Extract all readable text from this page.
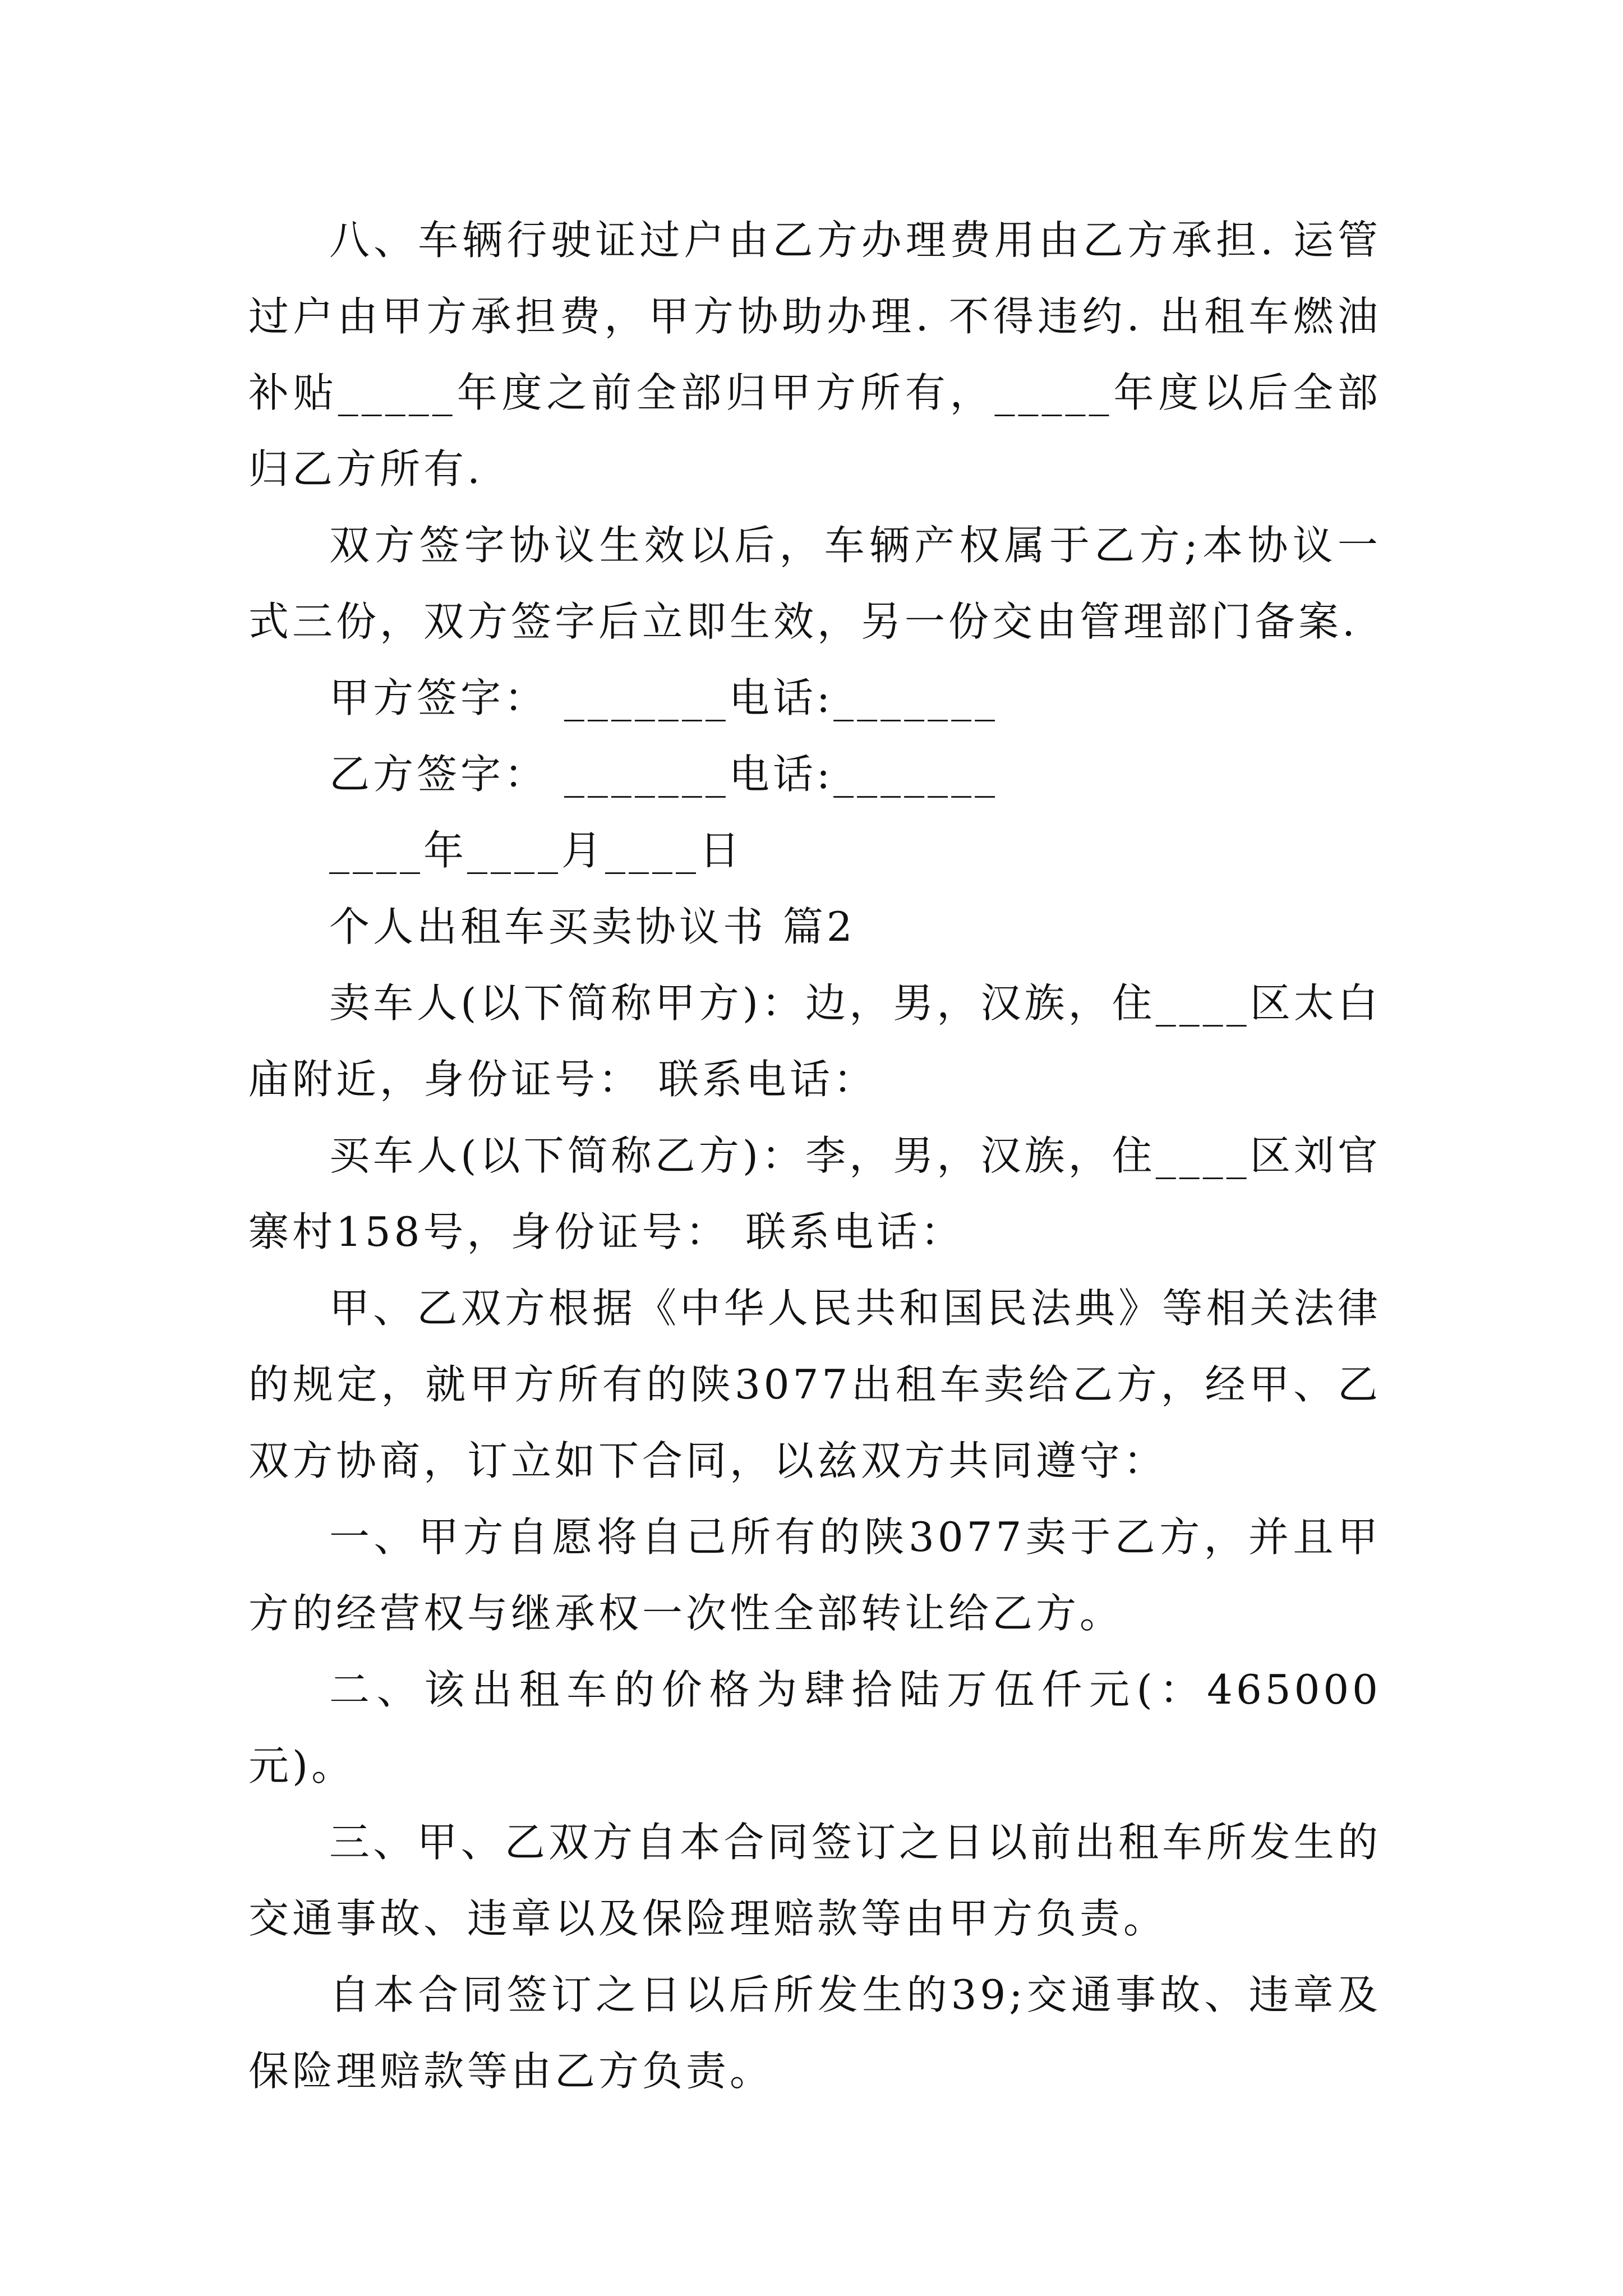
八、车辆行驶证过户由乙方办理费用由乙方承担. 运管过户由甲方承担费，甲方协助办理. 不得违约. 出租车燃油补贴_____年度之前全部归甲方所有，_____年度以后全部归乙方所有.

双方签字协议生效以后，车辆产权属于乙方;本协议一式三份，双方签字后立即生效，另一份交由管理部门备案.

甲方签字： _______电话:_______

乙方签字： _______电话:_______

____年____月____日

个人出租车买卖协议书 篇2

卖车人(以下简称甲方)：边，男，汉族，住____区太白庙附近，身份证号： 联系电话：

买车人(以下简称乙方)：李，男，汉族，住____区刘官寨村158号，身份证号： 联系电话：

甲、乙双方根据《中华人民共和国民法典》等相关法律的规定，就甲方所有的陕3077出租车卖给乙方，经甲、乙双方协商，订立如下合同，以兹双方共同遵守：

一、甲方自愿将自己所有的陕3077卖于乙方，并且甲方的经营权与继承权一次性全部转让给乙方。

二、该出租车的价格为肆拾陆万伍仟元(：465000元)。

三、甲、乙双方自本合同签订之日以前出租车所发生的交通事故、违章以及保险理赔款等由甲方负责。

自本合同签订之日以后所发生的39;交通事故、违章及保险理赔款等由乙方负责。
